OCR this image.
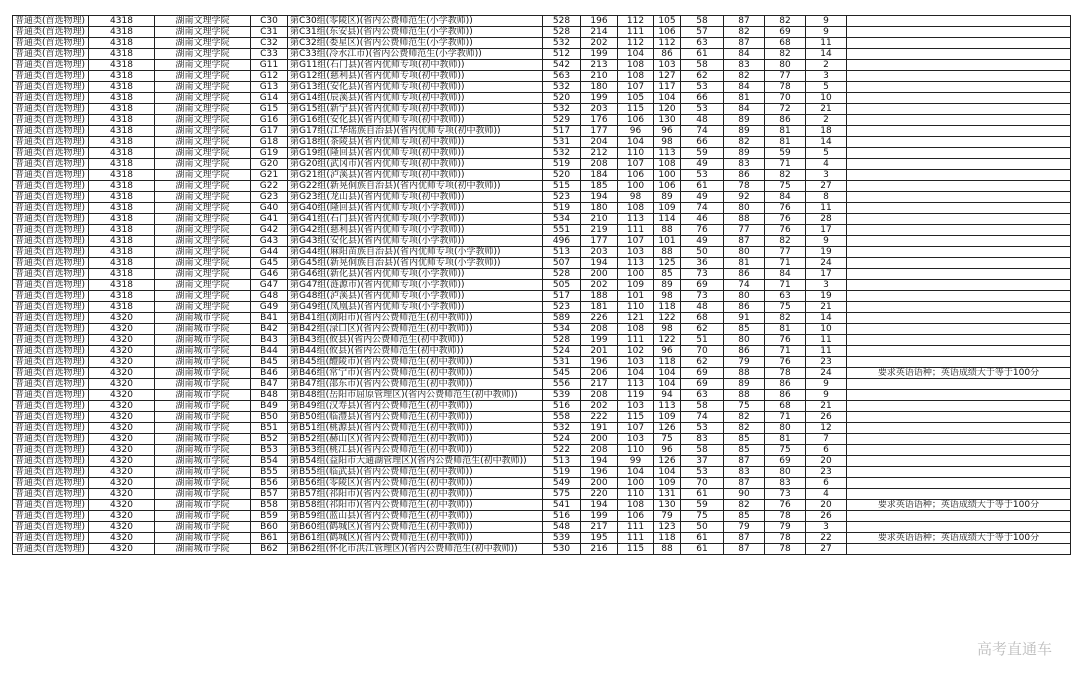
普通类(首选物理)	4318	湖南文理学院	C30	第C30组(零陵区)(省内公费师范生(小学教师))	528	196	112	105	58	87	82	9	
普通类(首选物理)	4318	湖南文理学院	C31	第C31组(东安县)(省内公费师范生(小学教师))	528	214	111	106	57	82	69	9	
普通类(首选物理)	4318	湖南文理学院	C32	第C32组(娄星区)(省内公费师范生(小学教师))	532	202	112	112	63	87	68	11	
普通类(首选物理)	4318	湖南文理学院	C33	第C33组(冷水江市)(省内公费师范生(小学教师))	512	199	104	86	61	84	82	14	
普通类(首选物理)	4318	湖南文理学院	G11	第G11组(石门县)(省内优师专项(初中教师))	542	213	108	103	58	83	80	2	
普通类(首选物理)	4318	湖南文理学院	G12	第G12组(慈利县)(省内优师专项(初中教师))	563	210	108	127	62	82	77	3	
普通类(首选物理)	4318	湖南文理学院	G13	第G13组(安化县)(省内优师专项(初中教师))	532	180	107	117	53	84	78	5	
普通类(首选物理)	4318	湖南文理学院	G14	第G14组(辰溪县)(省内优师专项(初中教师))	520	199	105	104	66	81	70	10	
普通类(首选物理)	4318	湖南文理学院	G15	第G15组(新宁县)(省内优师专项(初中教师))	532	203	115	120	53	84	72	21	
普通类(首选物理)	4318	湖南文理学院	G16	第G16组(安化县)(省内优师专项(初中教师))	529	176	106	130	48	89	86	2	
普通类(首选物理)	4318	湖南文理学院	G17	第G17组(江华瑶族自治县)(省内优师专项(初中教师))	517	177	96	96	74	89	81	18	
普通类(首选物理)	4318	湖南文理学院	G18	第G18组(茶陵县)(省内优师专项(初中教师))	531	204	104	98	66	82	81	14	
普通类(首选物理)	4318	湖南文理学院	G19	第G19组(隆回县)(省内优师专项(初中教师))	532	212	110	113	59	89	59	5	
普通类(首选物理)	4318	湖南文理学院	G20	第G20组(武冈市)(省内优师专项(初中教师))	519	208	107	108	49	83	71	4	
普通类(首选物理)	4318	湖南文理学院	G21	第G21组(泸溪县)(省内优师专项(初中教师))	520	184	106	100	53	86	82	3	
普通类(首选物理)	4318	湖南文理学院	G22	第G22组(新晃侗族自治县)(省内优师专项(初中教师))	515	185	100	106	61	78	75	27	
普通类(首选物理)	4318	湖南文理学院	G23	第G23组(龙山县)(省内优师专项(初中教师))	523	194	98	89	49	92	84	8	
普通类(首选物理)	4318	湖南文理学院	G40	第G40组(隆回县)(省内优师专项(小学教师))	519	180	108	109	74	80	76	11	
普通类(首选物理)	4318	湖南文理学院	G41	第G41组(石门县)(省内优师专项(小学教师))	534	210	113	114	46	88	76	28	
普通类(首选物理)	4318	湖南文理学院	G42	第G42组(慈利县)(省内优师专项(小学教师))	551	219	111	88	76	77	76	17	
普通类(首选物理)	4318	湖南文理学院	G43	第G43组(安化县)(省内优师专项(小学教师))	496	177	107	101	49	87	82	9	
普通类(首选物理)	4318	湖南文理学院	G44	第G44组(麻阳苗族自治县)(省内优师专项(小学教师))	513	203	103	88	50	80	77	19	
普通类(首选物理)	4318	湖南文理学院	G45	第G45组(新晃侗族自治县)(省内优师专项(小学教师))	507	194	113	125	36	81	71	24	
普通类(首选物理)	4318	湖南文理学院	G46	第G46组(新化县)(省内优师专项(小学教师))	528	200	100	85	73	86	84	17	
普通类(首选物理)	4318	湖南文理学院	G47	第G47组(涟源市)(省内优师专项(小学教师))	505	202	109	89	69	74	71	3	
普通类(首选物理)	4318	湖南文理学院	G48	第G48组(泸溪县)(省内优师专项(小学教师))	517	188	101	98	73	80	63	19	
普通类(首选物理)	4318	湖南文理学院	G49	第G49组(凤凰县)(省内优师专项(小学教师))	523	181	110	118	48	86	75	21	
普通类(首选物理)	4320	湖南城市学院	B41	第B41组(浏阳市)(省内公费师范生(初中教师))	589	226	121	122	68	91	82	14	
普通类(首选物理)	4320	湖南城市学院	B42	第B42组(渌口区)(省内公费师范生(初中教师))	534	208	108	98	62	85	81	10	
普通类(首选物理)	4320	湖南城市学院	B43	第B43组(攸县)(省内公费师范生(初中教师))	528	199	111	122	51	80	76	11	
普通类(首选物理)	4320	湖南城市学院	B44	第B44组(攸县)(省内公费师范生(初中教师))	524	201	102	96	70	86	71	11	
普通类(首选物理)	4320	湖南城市学院	B45	第B45组(醴陵市)(省内公费师范生(初中教师))	531	196	103	118	62	79	76	23	
普通类(首选物理)	4320	湖南城市学院	B46	第B46组(常宁市)(省内公费师范生(初中教师))	545	206	104	104	69	88	78	24	要求英语语种；英语成绩大于等于100分
普通类(首选物理)	4320	湖南城市学院	B47	第B47组(邵东市)(省内公费师范生(初中教师))	556	217	113	104	69	89	86	9	
普通类(首选物理)	4320	湖南城市学院	B48	第B48组(岳阳市屈原管理区)(省内公费师范生(初中教师))	539	208	119	94	63	88	86	9	
普通类(首选物理)	4320	湖南城市学院	B49	第B49组(汉寿县)(省内公费师范生(初中教师))	516	202	103	113	58	75	68	21	
普通类(首选物理)	4320	湖南城市学院	B50	第B50组(临澧县)(省内公费师范生(初中教师))	558	222	115	109	74	82	71	26	
普通类(首选物理)	4320	湖南城市学院	B51	第B51组(桃源县)(省内公费师范生(初中教师))	532	191	107	126	53	82	80	12	
普通类(首选物理)	4320	湖南城市学院	B52	第B52组(赫山区)(省内公费师范生(初中教师))	524	200	103	75	83	85	81	7	
普通类(首选物理)	4320	湖南城市学院	B53	第B53组(桃江县)(省内公费师范生(初中教师))	522	208	110	96	58	85	75	6	
普通类(首选物理)	4320	湖南城市学院	B54	第B54组(益阳市大通湖管理区)(省内公费师范生(初中教师))	513	194	99	126	37	87	69	20	
普通类(首选物理)	4320	湖南城市学院	B55	第B55组(临武县)(省内公费师范生(初中教师))	519	196	104	104	53	83	80	23	
普通类(首选物理)	4320	湖南城市学院	B56	第B56组(零陵区)(省内公费师范生(初中教师))	549	200	100	109	70	87	83	6	
普通类(首选物理)	4320	湖南城市学院	B57	第B57组(祁阳市)(省内公费师范生(初中教师))	575	220	110	131	61	90	73	4	
普通类(首选物理)	4320	湖南城市学院	B58	第B58组(祁阳市)(省内公费师范生(初中教师))	541	194	108	130	59	82	76	20	要求英语语种；英语成绩大于等于100分
普通类(首选物理)	4320	湖南城市学院	B59	第B59组(蓝山县)(省内公费师范生(初中教师))	516	199	106	79	75	85	78	26	
普通类(首选物理)	4320	湖南城市学院	B60	第B60组(鹤城区)(省内公费师范生(初中教师))	548	217	111	123	50	79	79	3	
普通类(首选物理)	4320	湖南城市学院	B61	第B61组(鹤城区)(省内公费师范生(初中教师))	539	195	111	118	61	87	78	22	要求英语语种；英语成绩大于等于100分
普通类(首选物理)	4320	湖南城市学院	B62	第B62组(怀化市洪江管理区)(省内公费师范生(初中教师))	530	216	115	88	61	87	78	27	
高考直通车
